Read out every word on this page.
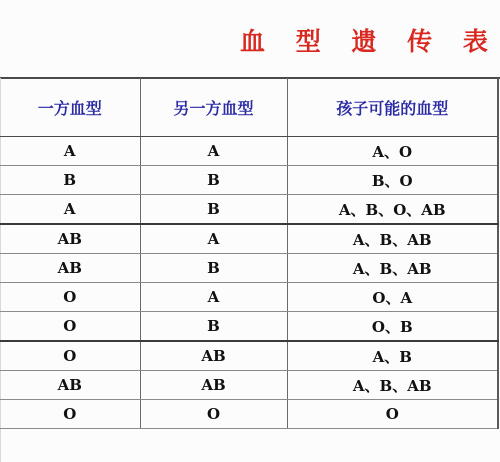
血 型 遗 传 表
一方血型	另一方血型	孩子可能的血型
A	A	A、O
B	B	B、O
A	B	A、B、O、AB
AB	A	A、B、AB
AB	B	A、B、AB
O	A	O、A
O	B	O、B
O	AB	A、B
AB	AB	A、B、AB
O	O	O
